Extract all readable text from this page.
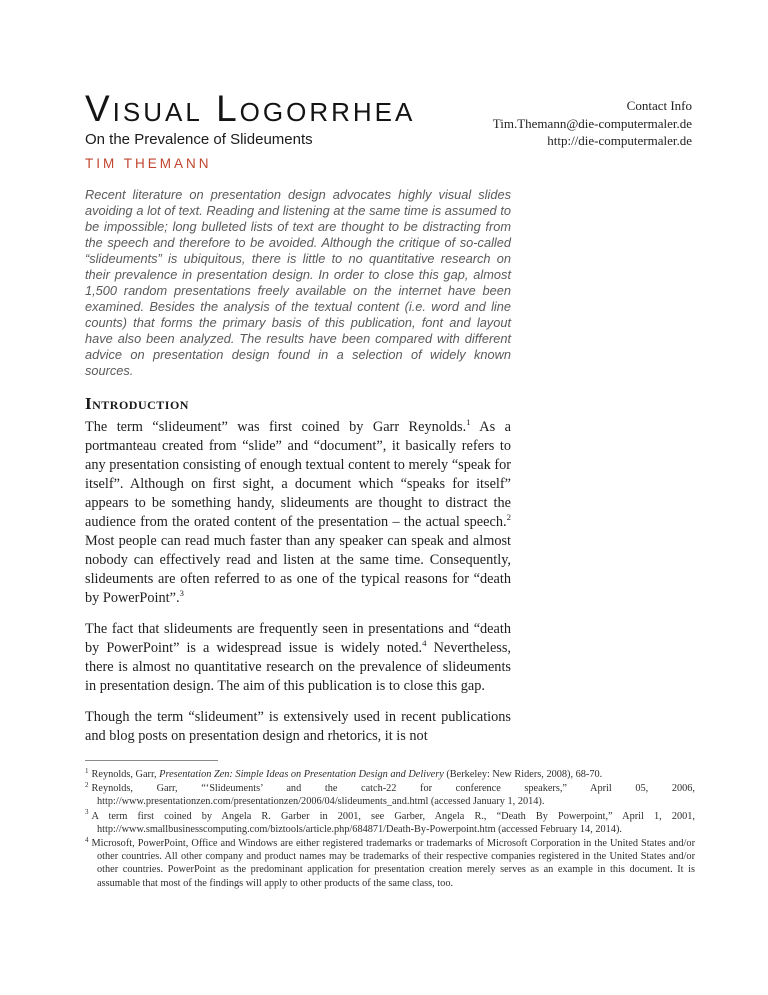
Visual Logorrhea
On the Prevalence of Slideuments
TIM THEMANN
Contact Info
Tim.Themann@die-computermaler.de
http://die-computermaler.de
Recent literature on presentation design advocates highly visual slides avoiding a lot of text. Reading and listening at the same time is assumed to be impossible; long bulleted lists of text are thought to be distracting from the speech and therefore to be avoided. Although the critique of so-called “slideuments” is ubiquitous, there is little to no quantitative research on their prevalence in presentation design. In order to close this gap, almost 1,500 random presentations freely available on the internet have been examined. Besides the analysis of the textual content (i.e. word and line counts) that forms the primary basis of this publication, font and layout have also been analyzed. The results have been compared with different advice on presentation design found in a selection of widely known sources.
Introduction

The term “slideument” was first coined by Garr Reynolds.$^1$ As a portmanteau created from “slide” and “document”, it basically refers to any presentation consisting of enough textual content to merely “speak for itself”. Although on first sight, a document which “speaks for itself” appears to be something handy, slideuments are thought to distract the audience from the orated content of the presentation – the actual speech.$^2$ Most people can read much faster than any speaker can speak and almost nobody can effectively read and listen at the same time. Consequently, slideuments are often referred to as one of the typical reasons for “death by PowerPoint”.$^3$

The fact that slideuments are frequently seen in presentations and “death by PowerPoint” is a widespread issue is widely noted.$^4$ Nevertheless, there is almost no quantitative research on the prevalence of slideuments in presentation design. The aim of this publication is to close this gap.

Though the term “slideument” is extensively used in recent publications and blog posts on presentation design and rhetorics, it is not

$^1$ Reynolds, Garr, Presentation Zen: Simple Ideas on Presentation Design and Delivery (Berkeley: New Riders, 2008), 68-70.
$^2$ Reynolds, Garr, “‘Slideuments’ and the catch-22 for conference speakers,” April 05, 2006, http://www.presentationzen.com/presentationzen/2006/04/slideuments_and.html (accessed January 1, 2014).
$^3$ A term first coined by Angela R. Garber in 2001, see Garber, Angela R., “Death By Powerpoint,” April 1, 2001, http://www.smallbusinesscomputing.com/biztools/article.php/684871/Death-By-Powerpoint.htm (accessed February 14, 2014).
$^4$ Microsoft, PowerPoint, Office and Windows are either registered trademarks or trademarks of Microsoft Corporation in the United States and/or other countries. All other company and product names may be trademarks of their respective companies registered in the United States and/or other countries. PowerPoint as the predominant application for presentation creation merely serves as an example in this document. It is assumable that most of the findings will apply to other products of the same class, too.
